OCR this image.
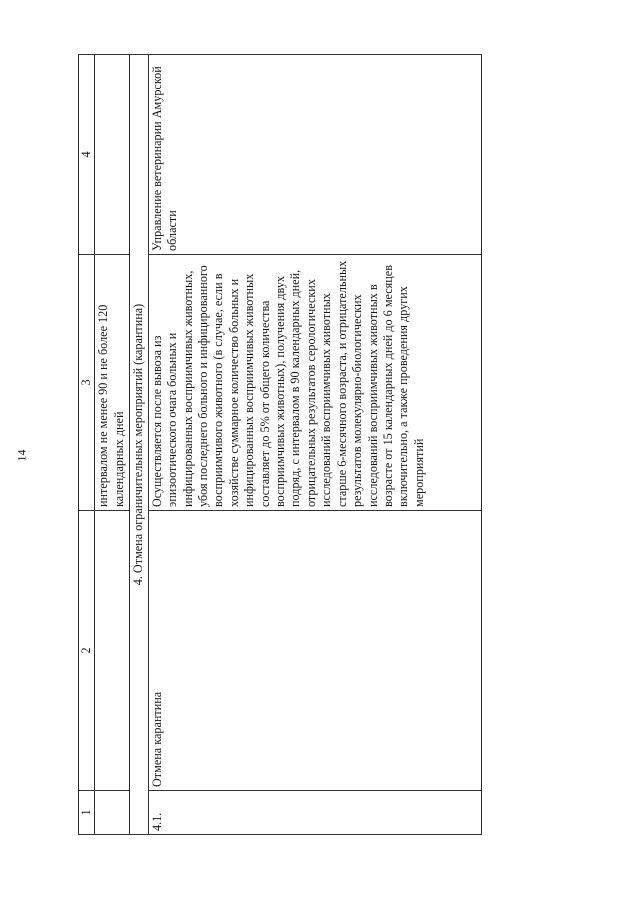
14
1	2	3	4
		интервалом не менее 90 и не более 120 календарных дней	
4. Отмена ограничительных мероприятий (карантина)			
4.1.	Отмена карантина	Осуществляется после вывоза из эпизоотического очага больных и инфицированных восприимчивых животных, убоя последнего больного и инфицированного восприимчивого животного (в случае, если в хозяйстве суммарное количество больных и инфицированных восприимчивых животных составляет до 5% от общего количества восприимчивых животных), получения двух подряд, с интервалом в 90 календарных дней, отрицательных результатов серологических исследований восприимчивых животных старше 6-месячного возраста, и отрицательных результатов молекулярно-биологических исследований восприимчивых животных в возрасте от 15 календарных дней до 6 месяцев включительно, а также проведения других мероприятий	Управление ветеринарии Амурской области
